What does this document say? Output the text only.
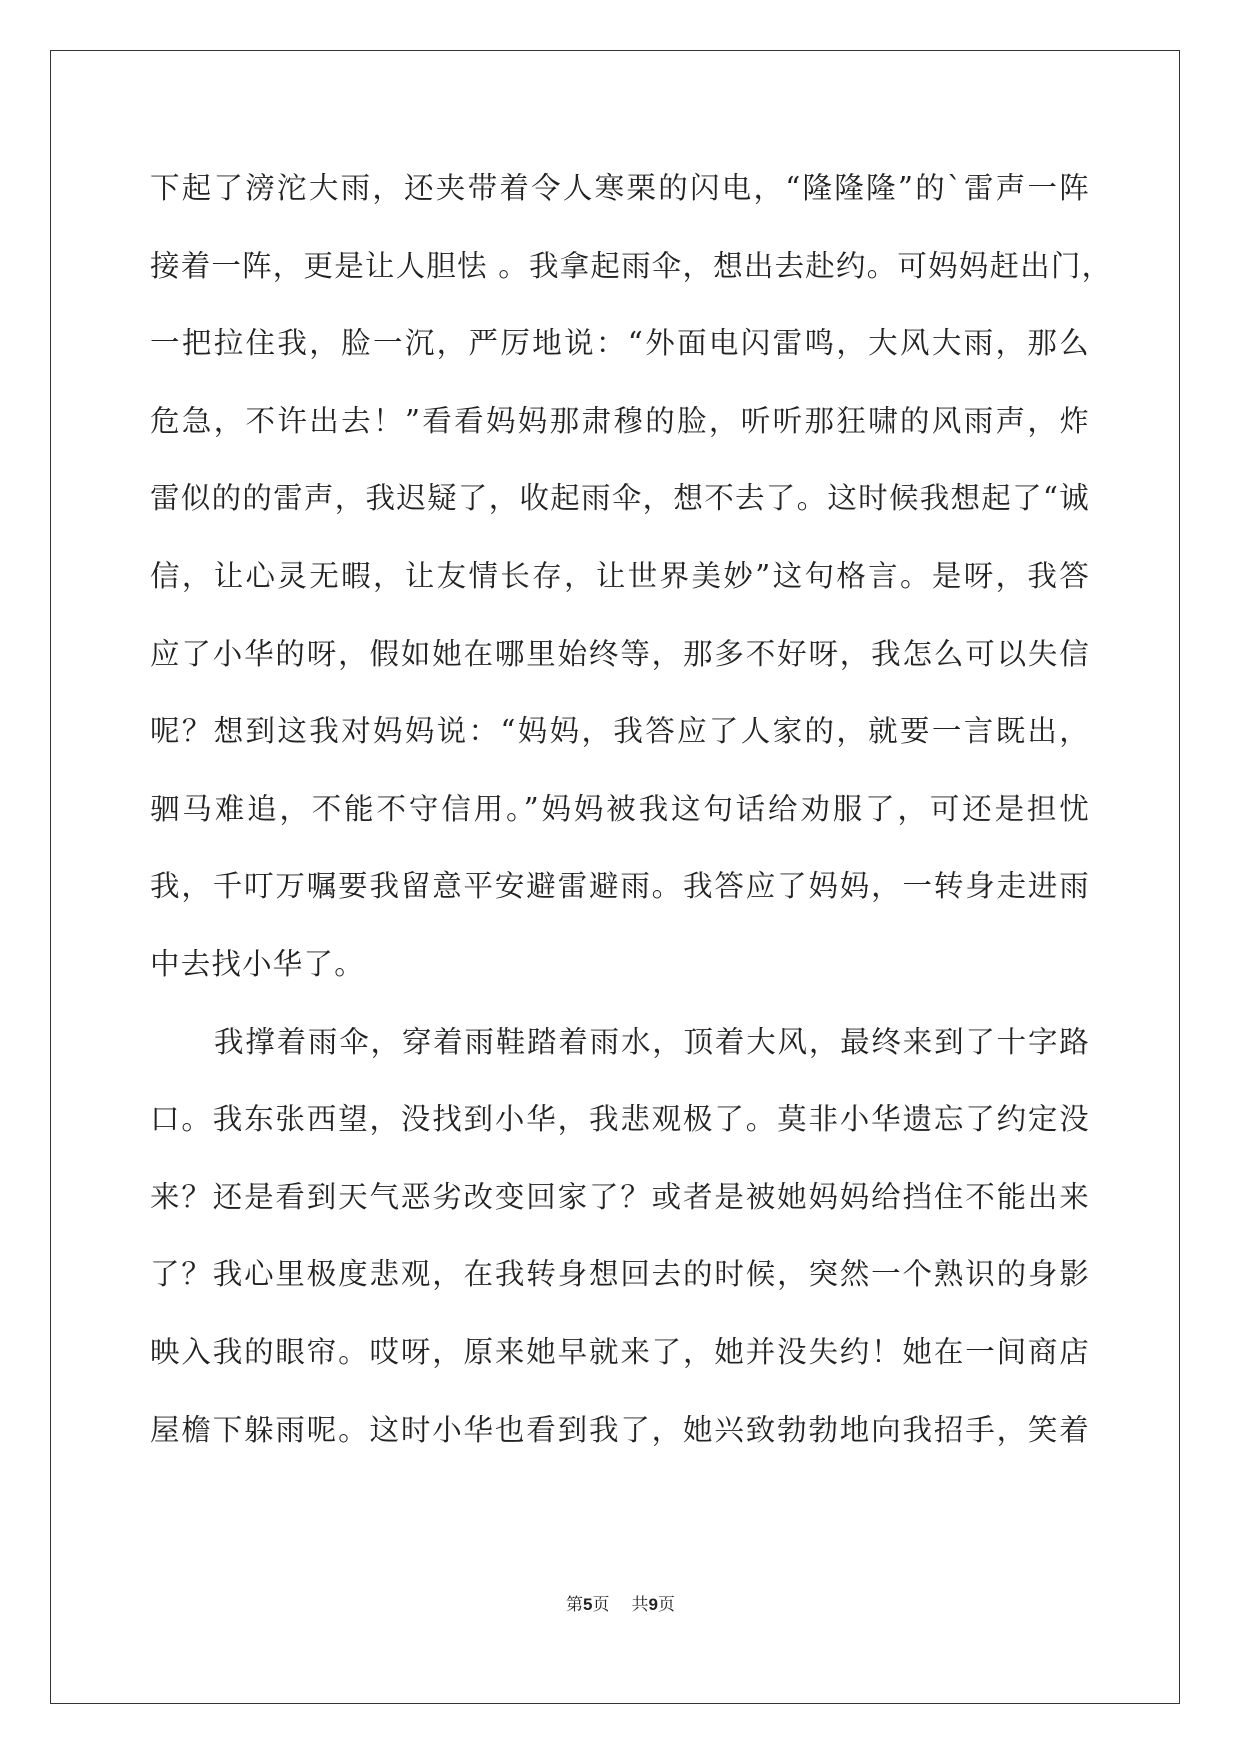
下起了滂沱大雨，还夹带着令人寒栗的闪电，“隆隆隆”的`雷声一阵
接着一阵，更是让人胆怯 。我拿起雨伞，想出去赴约。可妈妈赶出门，
一把拉住我，脸一沉，严厉地说：“外面电闪雷鸣，大风大雨，那么
危急，不许出去！”看看妈妈那肃穆的脸，听听那狂啸的风雨声，炸
雷似的的雷声，我迟疑了，收起雨伞，想不去了。这时候我想起了“诚
信，让心灵无暇，让友情长存，让世界美妙”这句格言。是呀，我答
应了小华的呀，假如她在哪里始终等，那多不好呀，我怎么可以失信
呢？想到这我对妈妈说：“妈妈，我答应了人家的，就要一言既出，
驷马难追，不能不守信用。”妈妈被我这句话给劝服了，可还是担忧
我，千叮万嘱要我留意平安避雷避雨。我答应了妈妈，一转身走进雨
中去找小华了。
我撑着雨伞，穿着雨鞋踏着雨水，顶着大风，最终来到了十字路
口。我东张西望，没找到小华，我悲观极了。莫非小华遗忘了约定没
来？还是看到天气恶劣改变回家了？或者是被她妈妈给挡住不能出来
了？我心里极度悲观，在我转身想回去的时候，突然一个熟识的身影
映入我的眼帘。哎呀，原来她早就来了，她并没失约！她在一间商店
屋檐下躲雨呢。这时小华也看到我了，她兴致勃勃地向我招手，笑着
第5页 共9页
